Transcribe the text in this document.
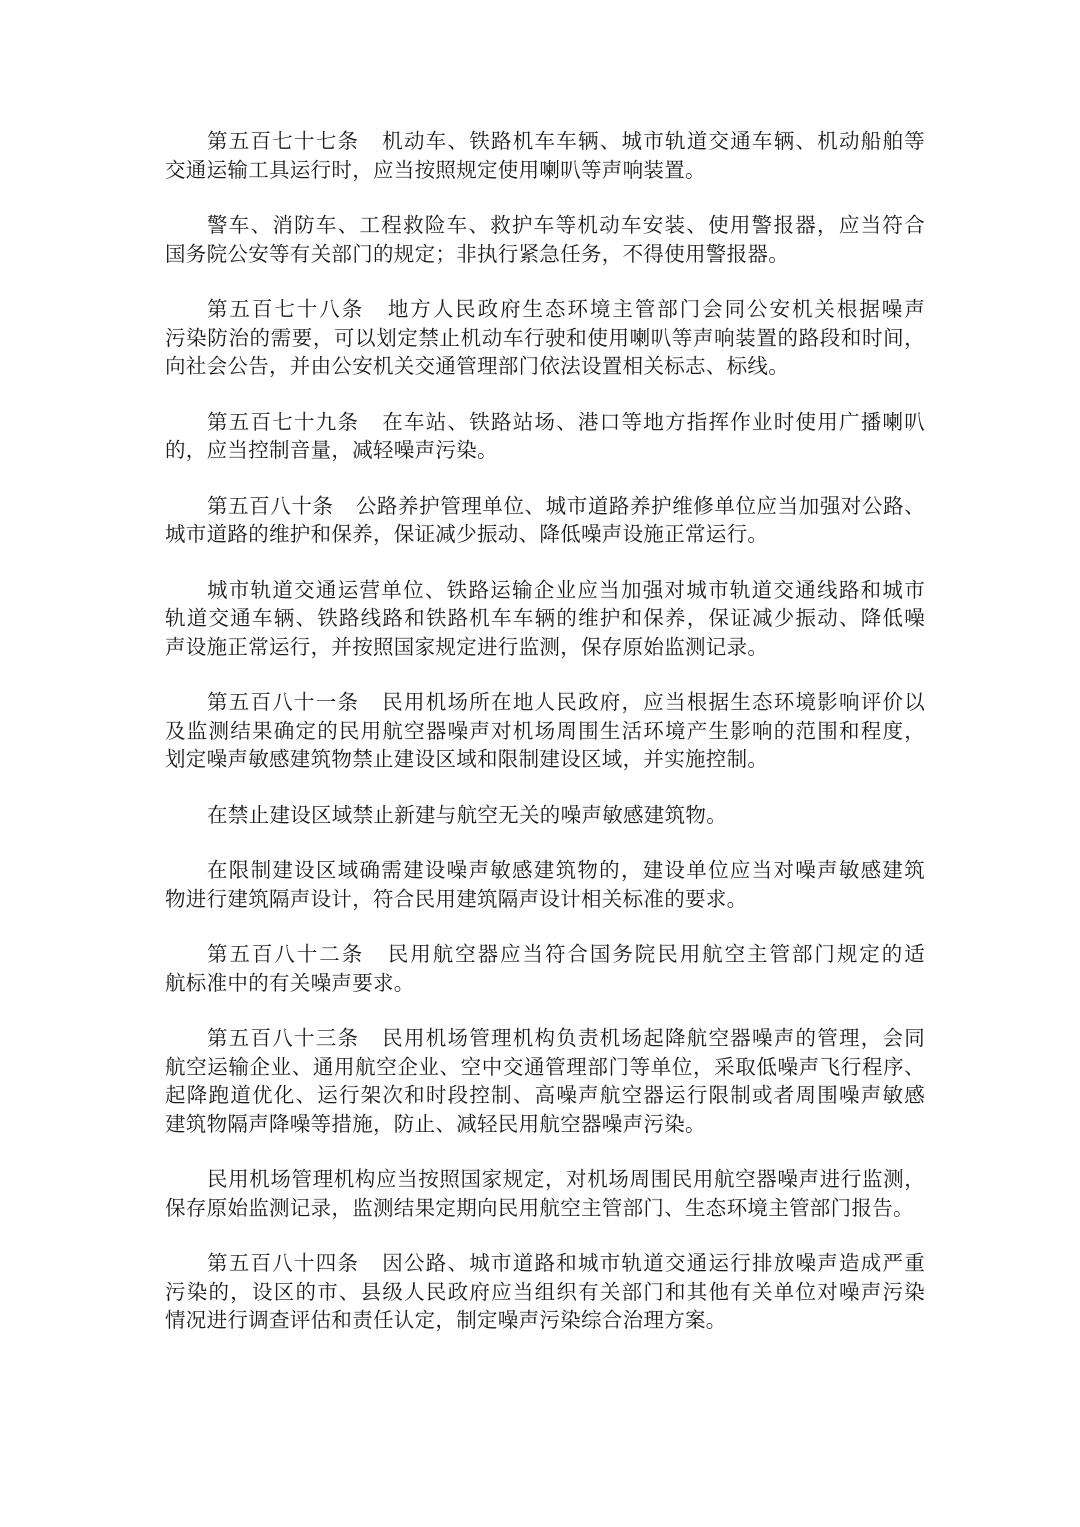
第五百七十七条 机动车、铁路机车车辆、城市轨道交通车辆、机动船舶等
交通运输工具运行时，应当按照规定使用喇叭等声响装置。
警车、消防车、工程救险车、救护车等机动车安装、使用警报器，应当符合
国务院公安等有关部门的规定；非执行紧急任务，不得使用警报器。
第五百七十八条 地方人民政府生态环境主管部门会同公安机关根据噪声
污染防治的需要，可以划定禁止机动车行驶和使用喇叭等声响装置的路段和时间，
向社会公告，并由公安机关交通管理部门依法设置相关标志、标线。
第五百七十九条 在车站、铁路站场、港口等地方指挥作业时使用广播喇叭
的，应当控制音量，减轻噪声污染。
第五百八十条 公路养护管理单位、城市道路养护维修单位应当加强对公路、
城市道路的维护和保养，保证减少振动、降低噪声设施正常运行。
城市轨道交通运营单位、铁路运输企业应当加强对城市轨道交通线路和城市
轨道交通车辆、铁路线路和铁路机车车辆的维护和保养，保证减少振动、降低噪
声设施正常运行，并按照国家规定进行监测，保存原始监测记录。
第五百八十一条 民用机场所在地人民政府，应当根据生态环境影响评价以
及监测结果确定的民用航空器噪声对机场周围生活环境产生影响的范围和程度，
划定噪声敏感建筑物禁止建设区域和限制建设区域，并实施控制。
在禁止建设区域禁止新建与航空无关的噪声敏感建筑物。
在限制建设区域确需建设噪声敏感建筑物的，建设单位应当对噪声敏感建筑
物进行建筑隔声设计，符合民用建筑隔声设计相关标准的要求。
第五百八十二条 民用航空器应当符合国务院民用航空主管部门规定的适
航标准中的有关噪声要求。
第五百八十三条 民用机场管理机构负责机场起降航空器噪声的管理，会同
航空运输企业、通用航空企业、空中交通管理部门等单位，采取低噪声飞行程序、
起降跑道优化、运行架次和时段控制、高噪声航空器运行限制或者周围噪声敏感
建筑物隔声降噪等措施，防止、减轻民用航空器噪声污染。
民用机场管理机构应当按照国家规定，对机场周围民用航空器噪声进行监测，
保存原始监测记录，监测结果定期向民用航空主管部门、生态环境主管部门报告。
第五百八十四条 因公路、城市道路和城市轨道交通运行排放噪声造成严重
污染的，设区的市、县级人民政府应当组织有关部门和其他有关单位对噪声污染
情况进行调查评估和责任认定，制定噪声污染综合治理方案。
